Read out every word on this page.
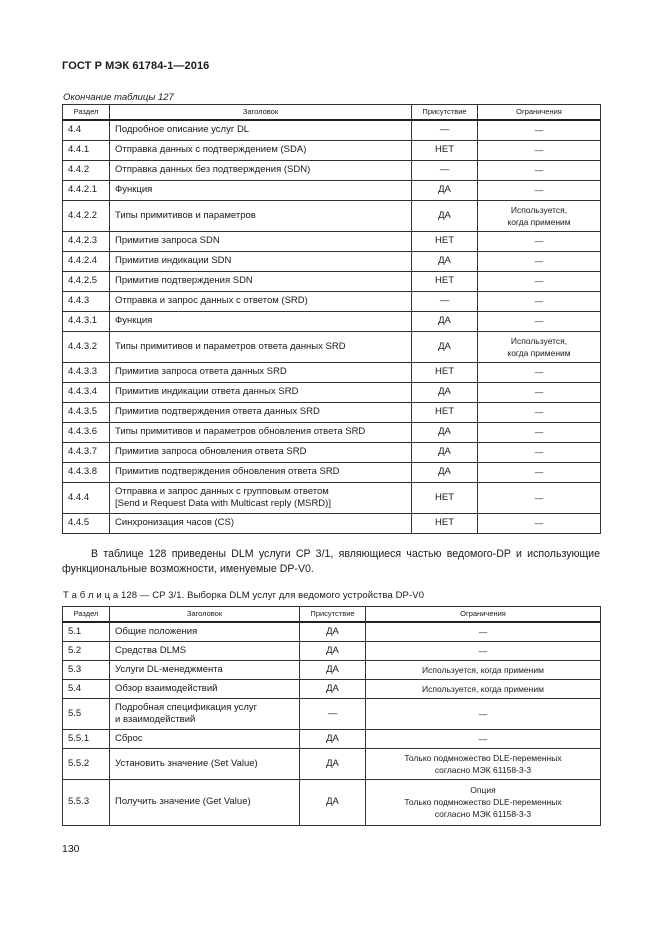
ГОСТ Р МЭК 61784-1—2016
Окончание таблицы 127
Раздел	Заголовок	Присутствие	Ограничения
4.4	Подробное описание услуг DL	—	—
4.4.1	Отправка данных с подтверждением (SDA)	НЕТ	—
4.4.2	Отправка данных без подтверждения (SDN)	—	—
4.4.2.1	Функция	ДА	—
4.4.2.2	Типы примитивов и параметров	ДА	Используется,
когда применим
4.4.2.3	Примитив запроса SDN	НЕТ	—
4.4.2.4	Примитив индикации SDN	ДА	—
4.4.2.5	Примитив подтверждения SDN	НЕТ	—
4.4.3	Отправка и запрос данных с ответом (SRD)	—	—
4.4.3.1	Функция	ДА	—
4.4.3.2	Типы примитивов и параметров ответа данных SRD	ДА	Используется,
когда применим
4.4.3.3	Примитив запроса ответа данных SRD	НЕТ	—
4.4.3.4	Примитив индикации ответа данных SRD	ДА	—
4.4.3.5	Примитив подтверждения ответа данных SRD	НЕТ	—
4.4.3.6	Типы примитивов и параметров обновления ответа SRD	ДА	—
4.4.3.7	Примитив запроса обновления ответа SRD	ДА	—
4.4.3.8	Примитив подтверждения обновления ответа SRD	ДА	—
4.4.4	Отправка и запрос данных с групповым ответом
[Send и Request Data with Multicast reply (MSRD)]	НЕТ	—
4.4.5	Синхронизация часов (CS)	НЕТ	—
В таблице 128 приведены DLM услуги CP 3/1, являющиеся частью ведомого-DP и использующие функциональные возможности, именуемые DP-V0.
Т а б л и ц а 128 — CP 3/1. Выборка DLM услуг для ведомого устройства DP-V0
Раздел	Заголовок	Присутствие	Ограничения
5.1	Общие положения	ДА	—
5.2	Средства DLMS	ДА	—
5.3	Услуги DL-менеджмента	ДА	Используется, когда применим
5.4	Обзор взаимодействий	ДА	Используется, когда применим
5.5	Подробная спецификация услуг
и взаимодействий	—	—
5.5.1	Сброс	ДА	—
5.5.2	Установить значение (Set Value)	ДА	Только подмножество DLE-переменных
согласно МЭК 61158-3-3
5.5.3	Получить значение (Get Value)	ДА	Опция
Только подмножество DLE-переменных
согласно МЭК 61158-3-3
130
